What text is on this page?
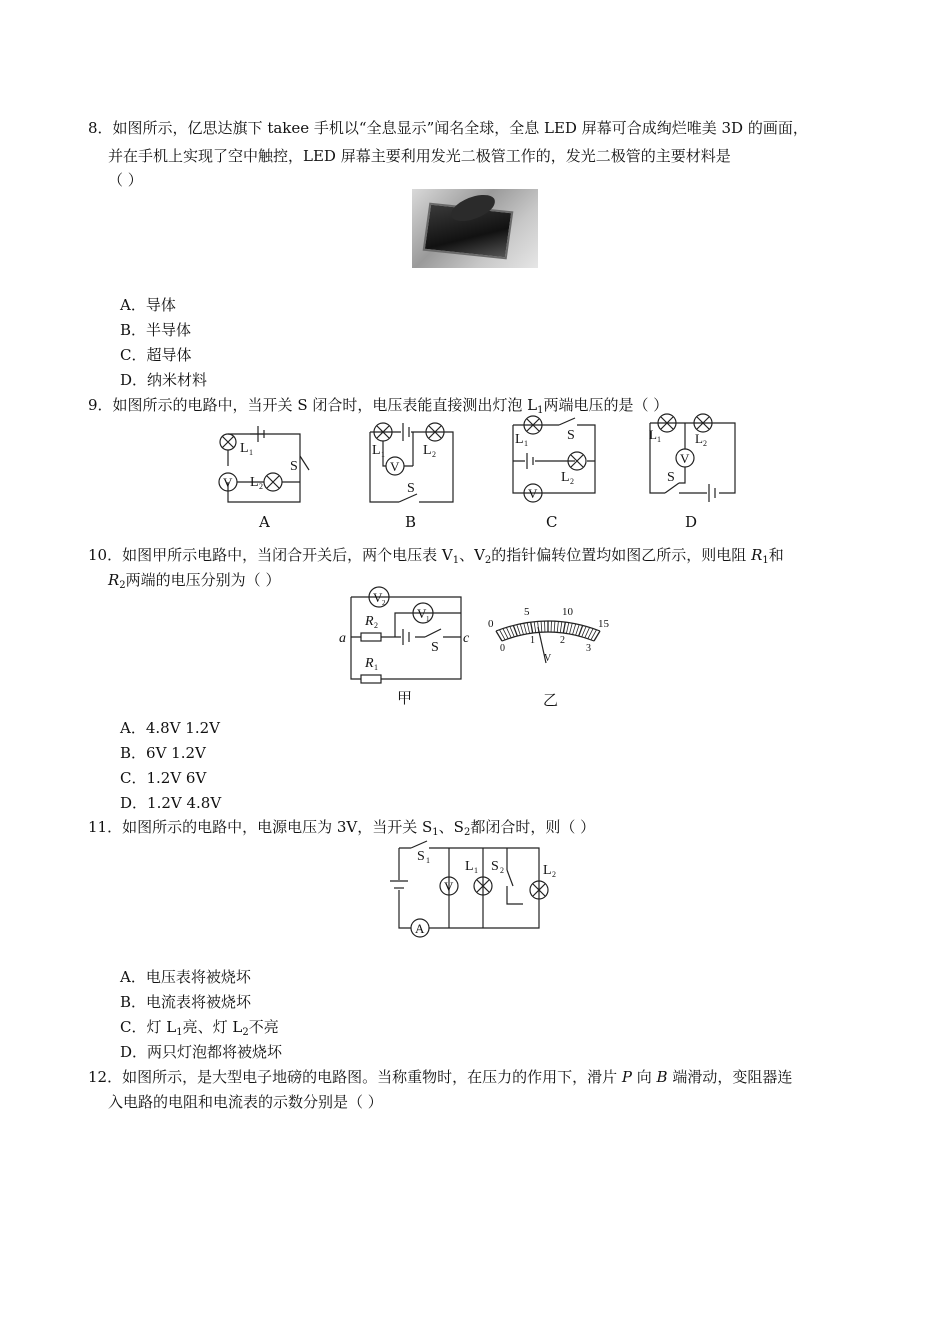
8．如图所示，亿思达旗下 takee 手机以“全息显示”闻名全球，全息 LED 屏幕可合成绚烂唯美 3D 的画面，
并在手机上实现了空中触控，LED 屏幕主要利用发光二极管工作的，发光二极管的主要材料是
（ ）
A．导体
B．半导体
C．超导体
D．纳米材料
9．如图所示的电路中，当开关 S 闭合时，电压表能直接测出灯泡 $L_1$两端电压的是（ ）
V
L 1
L 2
S
A
V
L 1	L 2
S
B
V
L 1
S
L 2
C
V
L 1	L 2
S
D
10．如图甲所示电路中，当闭合开关后，两个电压表 $V_1$、$V_2$的指针偏转位置均如图乙所示，则电阻 $R_1$和
$R_2$两端的电压分别为（ ）
V 2
V 1
R 2
R 1
a	c
S
甲
0
5	10
15
0
1	2
3
V
乙
A．4.8V 1.2V
B．6V 1.2V
C．1.2V 6V
D．1.2V 4.8V
11．如图所示的电路中，电源电压为 3V，当开关 $S_1$、$S_2$都闭合时，则（ ）
A
V
S 1	L 1 S 2	L 2
A．电压表将被烧坏
B．电流表将被烧坏
C．灯 $L_1$亮、灯 $L_2$不亮
D．两只灯泡都将被烧坏
12．如图所示，是大型电子地磅的电路图。当称重物时，在压力的作用下，滑片 P 向 B 端滑动，变阻器连
入电路的电阻和电流表的示数分别是（ ）
